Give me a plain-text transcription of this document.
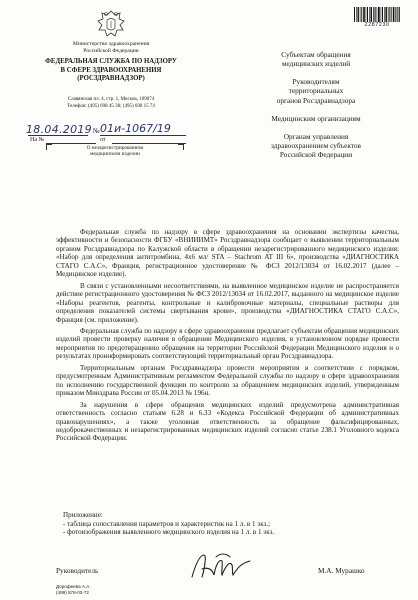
Министерство здравоохранения
Российской Федерации
ФЕДЕРАЛЬНАЯ СЛУЖБА ПО НАДЗОРУ
В СФЕРЕ ЗДРАВООХРАНЕНИЯ
(РОСЗДРАВНАДЗОР)
Славянская пл. 4, стр. 1, Москва, 109074
Телефон: (495) 698 45 38; (495) 698 15 74
18.04.2019 № 01и-1067/19
На №	от
О незарегистрированном
медицинском изделии
2287230

Субъектам обращения
медицинских изделий

Руководителям
территориальных
органов Росздравнадзора

Медицинским организациям

Органам управления
здравоохранением субъектов
Российской Федерации

Федеральная служба по надзору в сфере здравоохранения на основании экспертизы качества, эффективности и безопасности ФГБУ «ВНИИИМТ» Росздравнадзора сообщает о выявлении территориальным органом Росздравнадзора по Калужской области в обращении незарегистрированного медицинского изделия: «Набор для определения антитромбина, 4х6 мл/ STA – Stachrom AT III 6», производства «ДИАГНОСТИКА СТАГО С.А.С», Франция, регистрационное удостоверение № ФСЗ 2012/13034 от 16.02.2017 (далее – Медицинское изделие).

В связи с установленными несоответствиями, на выявленное медицинское изделие не распространяется действие регистрационного удостоверения № ФСЗ 2012/13034 от 16.02.2017, выданного на медицинское изделие «Наборы реагентов, реагенты, контрольные и калибровочные материалы, специальные растворы для определения показателей системы свертывания крови», производства «ДИАГНОСТИКА СТАГО С.А.С», Франция (см. приложение).

Федеральная служба по надзору в сфере здравоохранения предлагает субъектам обращения медицинских изделий провести проверку наличия в обращении Медицинского изделия, в установленном порядке провести мероприятия по предотвращению обращения на территории Российской Федерации Медицинского изделия и о результатах проинформировать соответствующий территориальный орган Росздравнадзора.

Территориальным органам Росздравнадзора провести мероприятия в соответствии с порядком, предусмотренным Административным регламентом Федеральной службы по надзору в сфере здравоохранения по исполнению государственной функции по контролю за обращением медицинских изделий, утвержденным приказом Минздрава России от 05.04.2013 № 196н.

За нарушения в сфере обращения медицинских изделий предусмотрена административная ответственность согласно статьям 6.28 и 6.33 «Кодекса Российской Федерации об административных правонарушениях», а также уголовная ответственность за обращение фальсифицированных, недоброкачественных и незарегистрированных медицинских изделий согласно статье 238.1 Уголовного кодекса Российской Федерации.

Приложение:
- таблица сопоставления параметров и характеристик на 1 л. в 1 экз.;
- фотоизображения выявленного медицинского изделия на 1 л. в 1 экз.
Руководитель	М.А. Мурашко
Дорофеева А.А.
(499) 578-03-72
